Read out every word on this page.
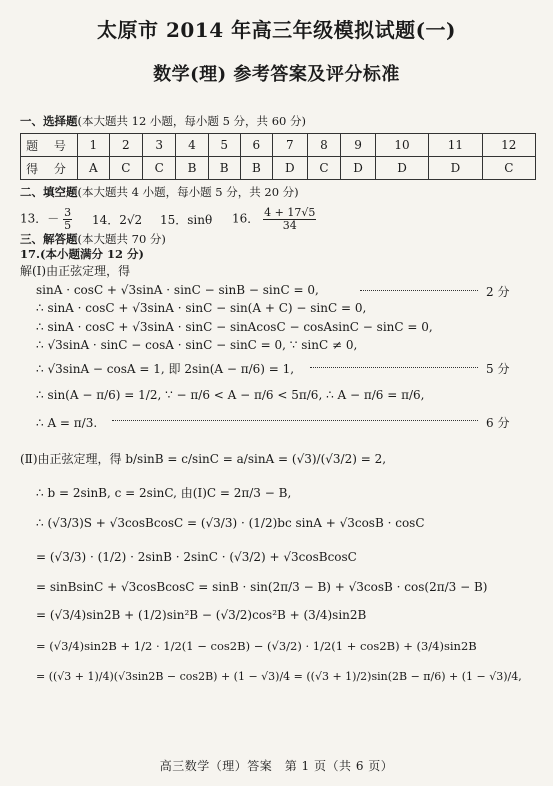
太原市 2014 年高三年级模拟试题(一)
数学(理) 参考答案及评分标准
一、选择题(本大题共 12 小题，每小题 5 分，共 60 分)
题 号	1	2	3	4	5	6	7	8	9	10	11	12
得 分	A	C	C	B	B	B	D	C	D	D	D	C
二、填空题(本大题共 4 小题，每小题 5 分，共 20 分)
13．－ $\frac{3}{5} 14$．2√2 15．sinθ 16． $\frac{4 + 17√5}{34}$
三、解答题(本大题共 70 分)
17.(本小题满分 12 分)
解(Ⅰ)由正弦定理，得
sinA · cosC + √3sinA · sinC − sinB − sinC = 0,	2 分
∴ sinA · cosC + √3sinA · sinC − sin(A + C) − sinC = 0,
∴ sinA · cosC + √3sinA · sinC − sinAcosC − cosAsinC − sinC = 0,
∴ √3sinA · sinC − cosA · sinC − sinC = 0, ∵ sinC ≠ 0,
∴ √3sinA − cosA = 1, 即 2sin(A − π/6) = 1,	5 分
∴ sin(A − π/6) = 1/2, ∵ − π/6 < A − π/6 < 5π/6, ∴ A − π/6 = π/6,
∴ A = π/3.	6 分
(Ⅱ)由正弦定理，得 b/sinB = c/sinC = a/sinA = (√3)/(√3/2) = 2,
∴ b = 2sinB, c = 2sinC, 由(Ⅰ)C = 2π/3 − B,
∴ (√3/3)S + √3cosBcosC = (√3/3) · (1/2)bc sinA + √3cosB · cosC
= (√3/3) · (1/2) · 2sinB · 2sinC · (√3/2) + √3cosBcosC
= sinBsinC + √3cosBcosC = sinB · sin(2π/3 − B) + √3cosB · cos(2π/3 − B)
= (√3/4)sin2B + (1/2)sin²B − (√3/2)cos²B + (3/4)sin2B
= (√3/4)sin2B + 1/2 · 1/2(1 − cos2B) − (√3/2) · 1/2(1 + cos2B) + (3/4)sin2B
= ((√3 + 1)/4)(√3sin2B − cos2B) + (1 − √3)/4 = ((√3 + 1)/2)sin(2B − π/6) + (1 − √3)/4,
高三数学（理）答案　第 1 页（共 6 页）
